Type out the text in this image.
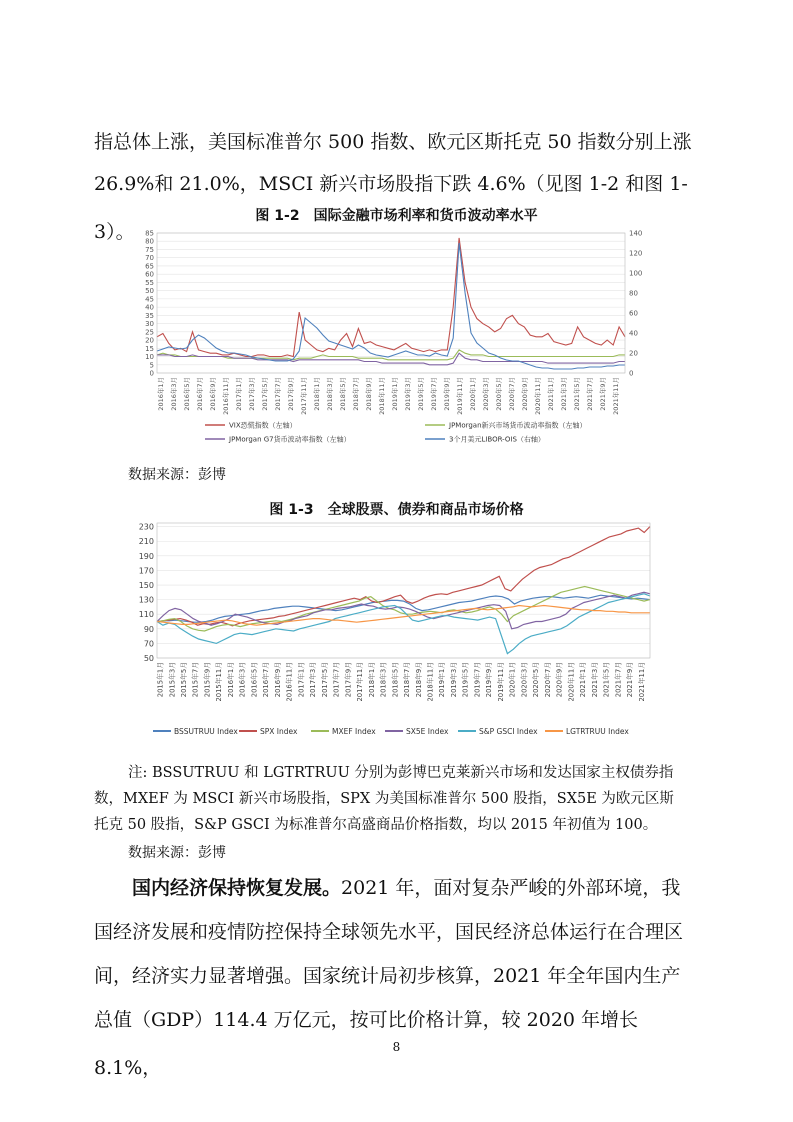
指总体上涨，美国标准普尔 500 指数、欧元区斯托克 50 指数分别上涨

26.9%和 21.0%，MSCI 新兴市场股指下跌 4.6%（见图 1-2 和图 1-3）。

图 1-2　国际金融市场利率和货币波动率水平
0
5
10
15
20
25
30
35
40
45
50
55
60
65
70
75
80
85
0
20
40
60
80
100
120
140
2016年1月 2016年3月 2016年5月 2016年7月 2016年9月 2016年11月 2017年1月 2017年3月 2017年5月 2017年7月 2017年9月 2017年11月 2018年1月 2018年3月 2018年5月 2018年7月 2018年9月 2018年11月 2019年1月 2019年3月 2019年5月 2019年7月 2019年9月 2019年11月 2020年1月 2020年3月 2020年5月 2020年7月 2020年9月 2020年11月 2021年1月 2021年3月 2021年5月 2021年7月 2021年9月 2021年11月
VIX恐慌指数（左轴）	JPMorgan新兴市场货币波动率指数（左轴）
JPMorgan G7货币波动率指数（左轴）	3个月美元LIBOR-OIS（右轴）
数据来源：彭博
图 1-3　全球股票、债券和商品市场价格
50
70
90
110
130
150
170
190
210
230
2015年1月 2015年3月 2015年5月 2015年7月 2015年9月 2015年11月 2016年1月 2016年3月 2016年5月 2016年7月 2016年9月 2016年11月 2017年1月 2017年3月 2017年5月 2017年7月 2017年9月 2017年11月 2018年1月 2018年3月 2018年5月 2018年7月 2018年9月 2018年11月 2019年1月 2019年3月 2019年5月 2019年7月 2019年9月 2019年11月 2020年1月 2020年3月 2020年5月 2020年7月 2020年9月 2020年11月 2021年1月 2021年3月 2021年5月 2021年7月 2021年9月 2021年11月
BSSUTRUU Index	SPX Index	MXEF Index	SX5E Index	S&P GSCI Index	LGTRTRUU Index
注: BSSUTRUU 和 LGTRTRUU 分别为彭博巴克莱新兴市场和发达国家主权债券指
数，MXEF 为 MSCI 新兴市场股指，SPX 为美国标准普尔 500 股指，SX5E 为欧元区斯
托克 50 股指，S&P GSCI 为标准普尔高盛商品价格指数，均以 2015 年初值为 100。
数据来源：彭博

国内经济保持恢复发展。2021 年，面对复杂严峻的外部环境，我

国经济发展和疫情防控保持全球领先水平，国民经济总体运行在合理区

间，经济实力显著增强。国家统计局初步核算，2021 年全年国内生产

总值（GDP）114.4 万亿元，按可比价格计算，较 2020 年增长 8.1%，

8
